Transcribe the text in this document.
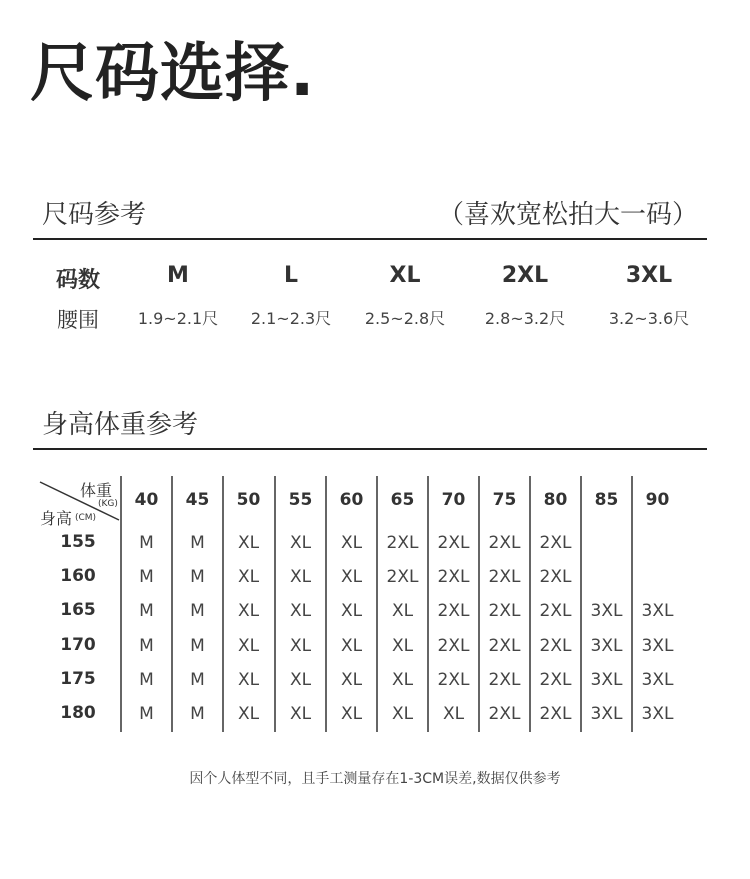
尺码选择.
尺码参考	（喜欢宽松拍大一码）
码数	M	L	XL	2XL	3XL
腰围	1.9~2.1尺	2.1~2.3尺	2.5~2.8尺	2.8~3.2尺	3.2~3.6尺
身高体重参考
体重
(KG)
身高 (CM)
40	45	50	55	60	65	70	75	80	85	90
155	M	M	XL	XL	XL	2XL	2XL	2XL	2XL
160	M	M	XL	XL	XL	2XL	2XL	2XL	2XL
165	M	M	XL	XL	XL	XL	2XL	2XL	2XL	3XL	3XL
170	M	M	XL	XL	XL	XL	2XL	2XL	2XL	3XL	3XL
175	M	M	XL	XL	XL	XL	2XL	2XL	2XL	3XL	3XL
180	M	M	XL	XL	XL	XL	XL	2XL	2XL	3XL	3XL
因个人体型不同，且手工测量存在1-3CM误差,数据仅供参考
